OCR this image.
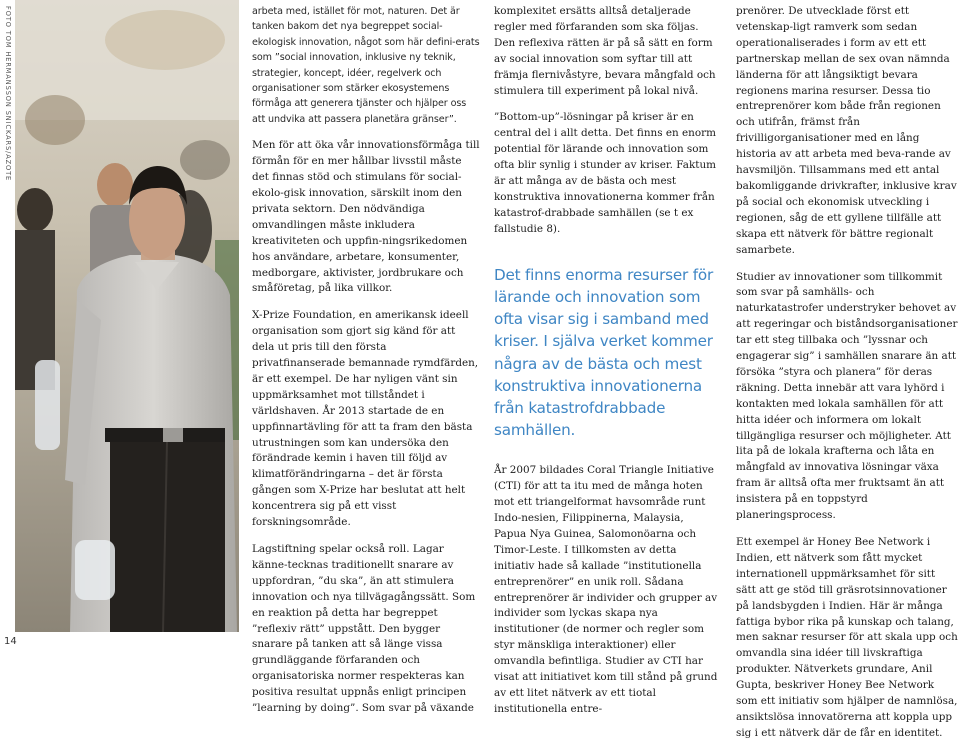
FOTO TOM HERMANSSON SNICKARS/AZOTE
14

arbeta med, istället för mot, naturen. Det är tanken bakom det nya begreppet social-ekologisk innovation, något som här defini-erats som ”social innovation, inklusive ny teknik, strategier, koncept, idéer, regelverk och organisationer som stärker ekosystemens förmåga att generera tjänster och hjälper oss att undvika att passera planetära gränser”.

Men för att öka vår innovationsförmåga till förmån för en mer hållbar livsstil måste det finnas stöd och stimulans för social-ekolo-gisk innovation, särskilt inom den privata sektorn. Den nödvändiga omvandlingen måste inkludera kreativiteten och uppfin-ningsrikedomen hos användare, arbetare, konsumenter, medborgare, aktivister, jordbrukare och småföretag, på lika villkor.

X-Prize Foundation, en amerikansk ideell organisation som gjort sig känd för att dela ut pris till den första privatfinanserade bemannade rymdfärden, är ett exempel. De har nyligen vänt sin uppmärksamhet mot tillståndet i världshaven. År 2013 startade de en uppfinnartävling för att ta fram den bästa utrustningen som kan undersöka den förändrade kemin i haven till följd av klimatförändringarna – det är första gången som X-Prize har beslutat att helt koncentrera sig på ett visst forskningsområde.

Lagstiftning spelar också roll. Lagar känne-tecknas traditionellt snarare av uppfordran, ”du ska”, än att stimulera innovation och nya tillvägagångssätt. Som en reaktion på detta har begreppet ”reflexiv rätt” uppstått. Den bygger snarare på tanken att så länge vissa grundläggande förfaranden och organisatoriska normer respekteras kan positiva resultat uppnås enligt principen ”learning by doing”. Som svar på växande

komplexitet ersätts alltså detaljerade regler med förfaranden som ska följas. Den reflexiva rätten är på så sätt en form av social innovation som syftar till att främja flernivåstyre, bevara mångfald och stimulera till experiment på lokal nivå.

”Bottom-up”-lösningar på kriser är en central del i allt detta. Det finns en enorm potential för lärande och innovation som ofta blir synlig i stunder av kriser. Faktum är att många av de bästa och mest konstruktiva innovationerna kommer från katastrof-drabbade samhällen (se t ex fallstudie 8).

Det finns enorma resurser för lärande och innovation som ofta visar sig i samband med kriser. I själva verket kommer några av de bästa och mest konstruktiva innovationerna från katastrofdrabbade samhällen.

År 2007 bildades Coral Triangle Initiative (CTI) för att ta itu med de många hoten mot ett triangelformat havsområde runt Indo-nesien, Filippinerna, Malaysia, Papua Nya Guinea, Salomonöarna och Timor-Leste. I tillkomsten av detta initiativ hade så kallade ”institutionella entreprenörer” en unik roll. Sådana entreprenörer är individer och grupper av individer som lyckas skapa nya institutioner (de normer och regler som styr mänskliga interaktioner) eller omvandla befintliga. Studier av CTI har visat att initiativet kom till stånd på grund av ett litet nätverk av ett tiotal institutionella entre-

prenörer. De utvecklade först ett vetenskap-ligt ramverk som sedan operationaliserades i form av ett ett partnerskap mellan de sex ovan nämnda länderna för att långsiktigt bevara regionens marina resurser. Dessa tio entreprenörer kom både från regionen och utifrån, främst från frivilligorganisationer med en lång historia av att arbeta med beva-rande av havsmiljön. Tillsammans med ett antal bakomliggande drivkrafter, inklusive krav på social och ekonomisk utveckling i regionen, såg de ett gyllene tillfälle att skapa ett nätverk för bättre regionalt samarbete.

Studier av innovationer som tillkommit som svar på samhälls- och naturkatastrofer understryker behovet av att regeringar och biståndsorganisationer tar ett steg tillbaka och ”lyssnar och engagerar sig” i samhällen snarare än att försöka ”styra och planera” för deras räkning. Detta innebär att vara lyhörd i kontakten med lokala samhällen för att hitta idéer och informera om lokalt tillgängliga resurser och möjligheter. Att lita på de lokala krafterna och låta en mångfald av innovativa lösningar växa fram är alltså ofta mer fruktsamt än att insistera på en toppstyrd planeringsprocess.

Ett exempel är Honey Bee Network i Indien, ett nätverk som fått mycket internationell uppmärksamhet för sitt sätt att ge stöd till gräsrotsinnovationer på landsbygden i Indien. Här är många fattiga bybor rika på kunskap och talang, men saknar resurser för att skala upp och omvandla sina idéer till livskraftiga produkter. Nätverkets grundare, Anil Gupta, beskriver Honey Bee Network som ett initiativ som hjälper de namnlösa, ansiktslösa innovatörerna att koppla upp sig i ett nätverk där de får en identitet.
